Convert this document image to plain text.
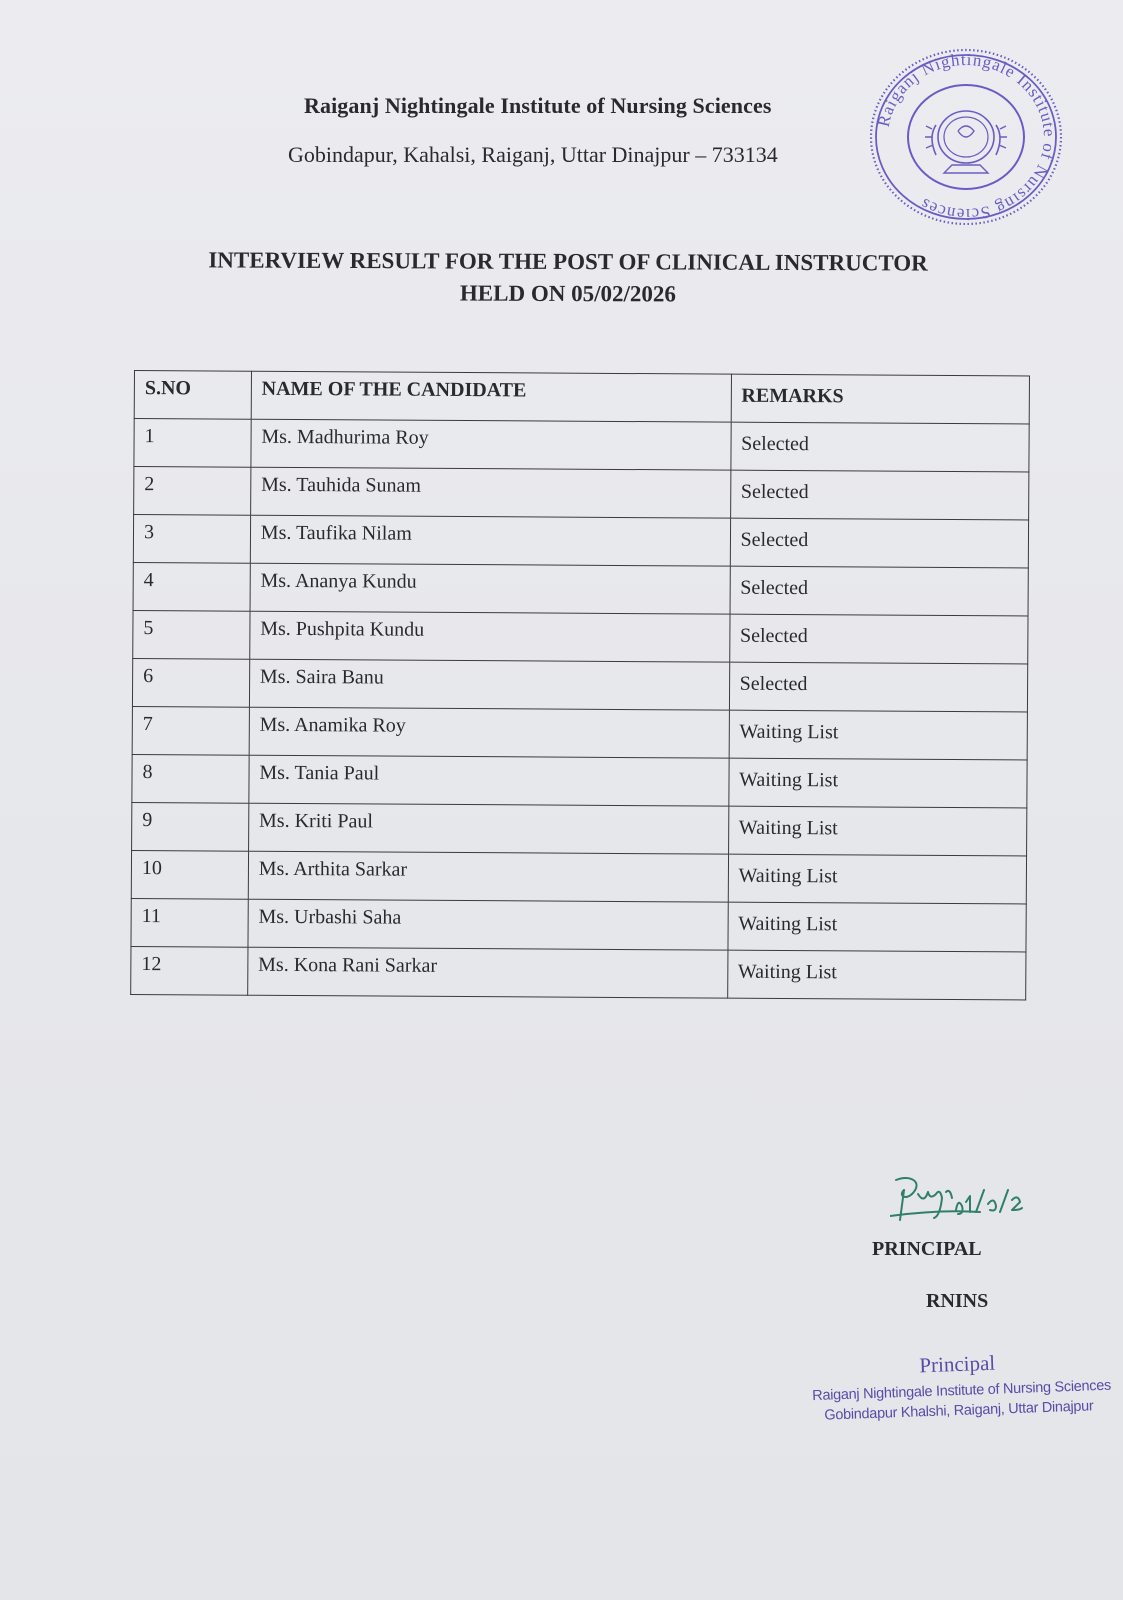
Raiganj Nightingale Institute of Nursing Sciences
Gobindapur, Kahalsi, Raiganj, Uttar Dinajpur – 733134
Raiganj Nightingale Institute of Nursing Sciences
INTERVIEW RESULT FOR THE POST OF CLINICAL INSTRUCTOR
HELD ON 05/02/2026
S.NO	NAME OF THE CANDIDATE	REMARKS
1	Ms. Madhurima Roy	Selected
2	Ms. Tauhida Sunam	Selected
3	Ms. Taufika Nilam	Selected
4	Ms. Ananya Kundu	Selected
5	Ms. Pushpita Kundu	Selected
6	Ms. Saira Banu	Selected
7	Ms. Anamika Roy	Waiting List
8	Ms. Tania Paul	Waiting List
9	Ms. Kriti Paul	Waiting List
10	Ms. Arthita Sarkar	Waiting List
11	Ms. Urbashi Saha	Waiting List
12	Ms. Kona Rani Sarkar	Waiting List
Pinju 10/02/26
PRINCIPAL
RNINS
Principal
Raiganj Nightingale Institute of Nursing Sciences
Gobindapur Khalshi, Raiganj, Uttar Dinajpur
